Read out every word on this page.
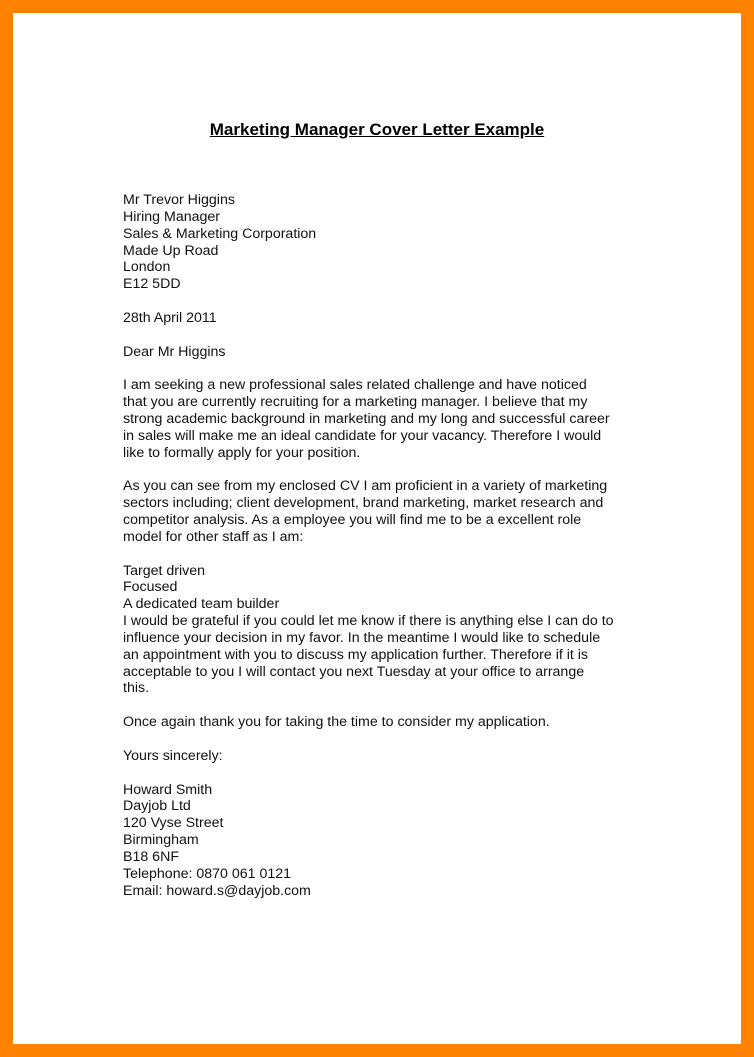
Marketing Manager Cover Letter Example
Mr Trevor Higgins
Hiring Manager
Sales & Marketing Corporation
Made Up Road
London
E12 5DD
28th April 2011
Dear Mr Higgins
I am seeking a new professional sales related challenge and have noticed
that you are currently recruiting for a marketing manager. I believe that my
strong academic background in marketing and my long and successful career
in sales will make me an ideal candidate for your vacancy. Therefore I would
like to formally apply for your position.
As you can see from my enclosed CV I am proficient in a variety of marketing
sectors including; client development, brand marketing, market research and
competitor analysis. As a employee you will find me to be a excellent role
model for other staff as I am:
Target driven
Focused
A dedicated team builder
I would be grateful if you could let me know if there is anything else I can do to
influence your decision in my favor. In the meantime I would like to schedule
an appointment with you to discuss my application further. Therefore if it is
acceptable to you I will contact you next Tuesday at your office to arrange
this.
Once again thank you for taking the time to consider my application.
Yours sincerely:
Howard Smith
Dayjob Ltd
120 Vyse Street
Birmingham
B18 6NF
Telephone: 0870 061 0121
Email: howard.s@dayjob.com
